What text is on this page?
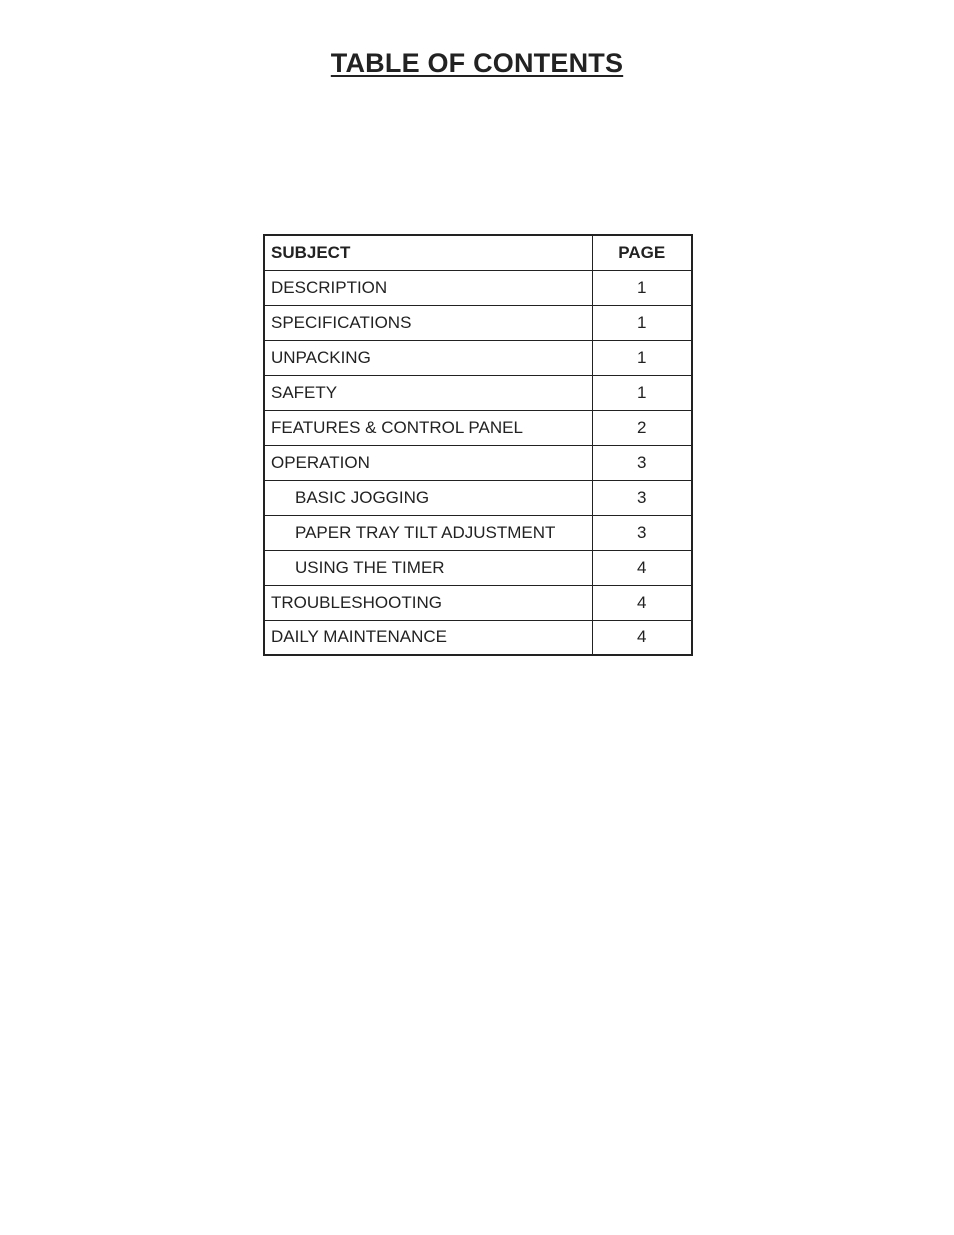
TABLE OF CONTENTS
SUBJECT	PAGE
DESCRIPTION	1
SPECIFICATIONS	1
UNPACKING	1
SAFETY	1
FEATURES & CONTROL PANEL	2
OPERATION	3
BASIC JOGGING	3
PAPER TRAY TILT ADJUSTMENT	3
USING THE TIMER	4
TROUBLESHOOTING	4
DAILY MAINTENANCE	4
